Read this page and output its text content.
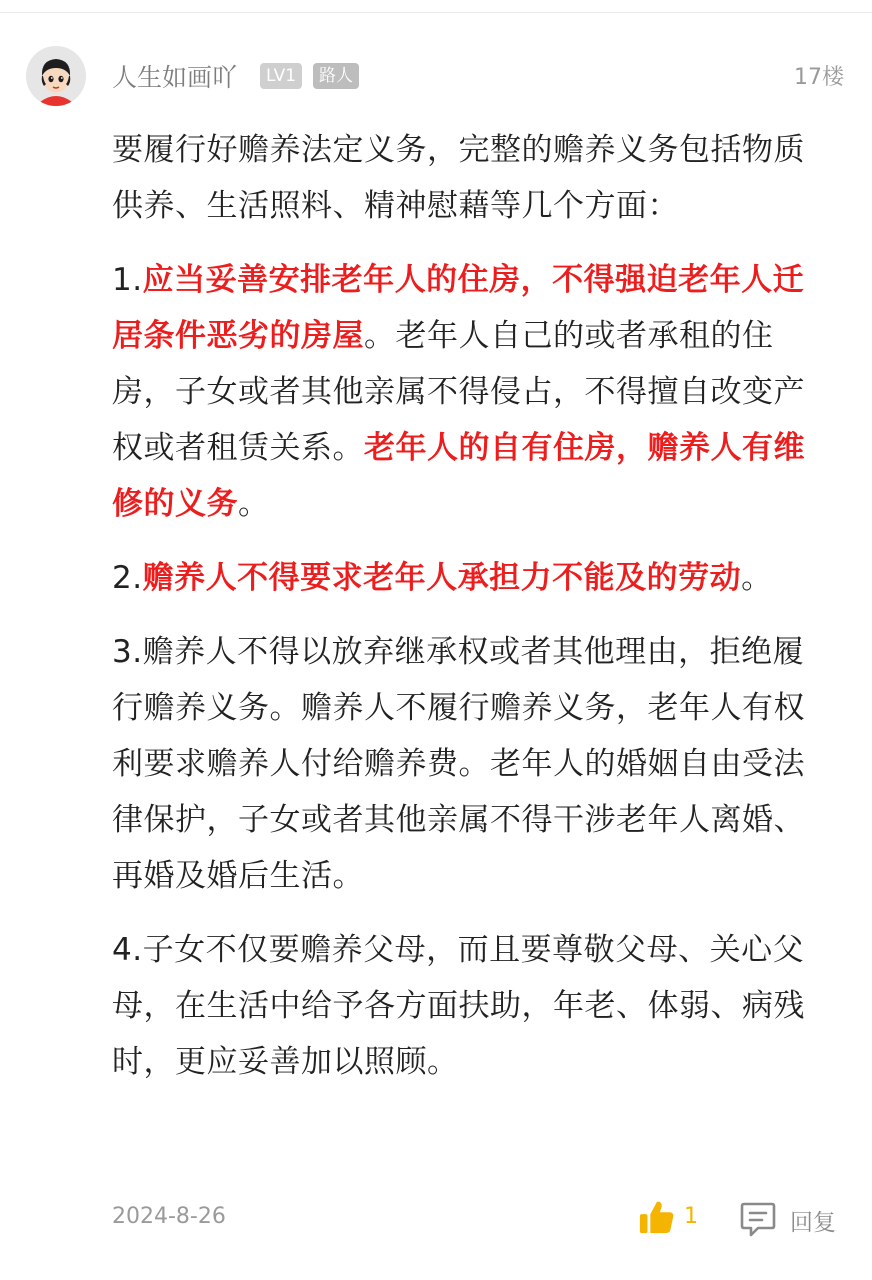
人生如画吖	LV1	路人	17楼

要履行好赡养法定义务，完整的赡养义务包括物质供养、生活照料、精神慰藉等几个方面：

1.应当妥善安排老年人的住房，不得强迫老年人迁居条件恶劣的房屋。老年人自己的或者承租的住房，子女或者其他亲属不得侵占，不得擅自改变产权或者租赁关系。老年人的自有住房，赡养人有维修的义务。

2.赡养人不得要求老年人承担力不能及的劳动。

3.赡养人不得以放弃继承权或者其他理由，拒绝履行赡养义务。赡养人不履行赡养义务，老年人有权利要求赡养人付给赡养费。老年人的婚姻自由受法律保护，子女或者其他亲属不得干涉老年人离婚、再婚及婚后生活。

4.子女不仅要赡养父母，而且要尊敬父母、关心父母，在生活中给予各方面扶助，年老、体弱、病残时，更应妥善加以照顾。

2024-8-26	1	回复
